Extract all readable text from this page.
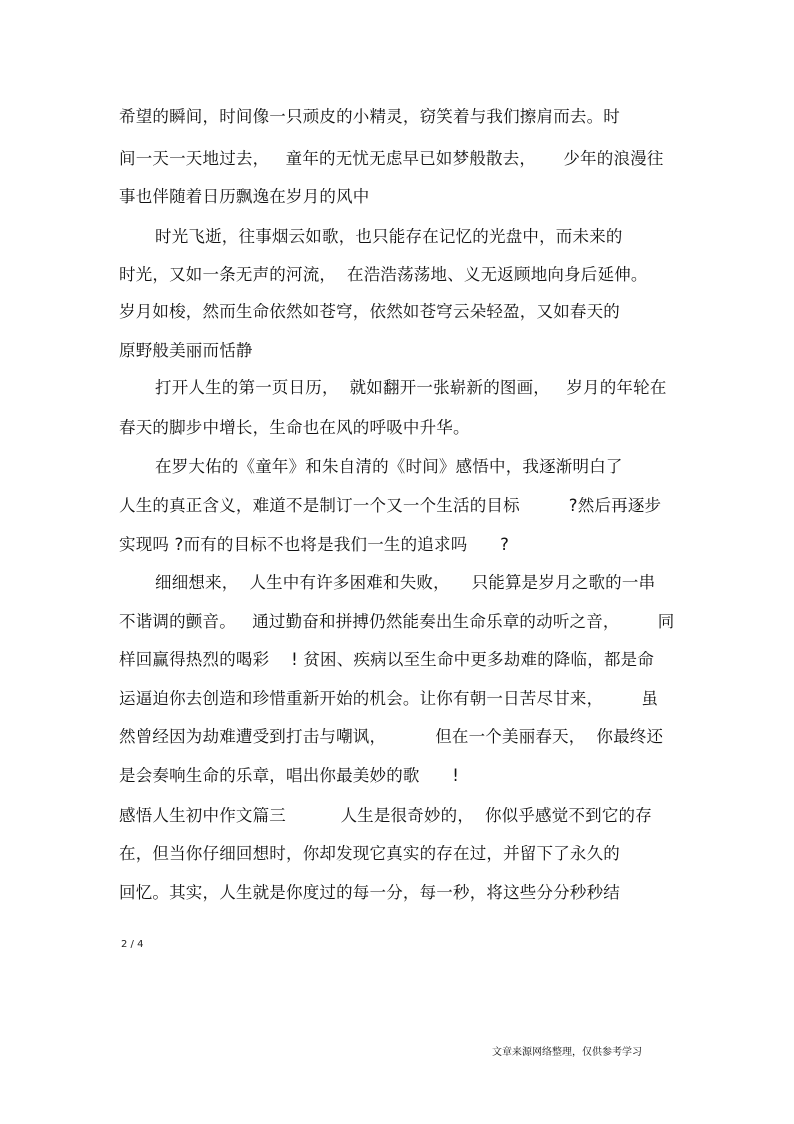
希望的瞬间，时间像一只顽皮的小精灵，窃笑着与我们擦肩而去。时
间一天一天地过去，   童年的无忧无虑早已如梦般散去，     少年的浪漫往
事也伴随着日历飘逸在岁月的风中
时光飞逝，往事烟云如歌，也只能存在记忆的光盘中，而未来的
时光，又如一条无声的河流，  在浩浩荡荡地、义无返顾地向身后延伸。
岁月如梭，然而生命依然如苍穹，依然如苍穹云朵轻盈，又如春天的
原野般美丽而恬静
打开人生的第一页日历，  就如翻开一张崭新的图画，   岁月的年轮在
春天的脚步中增长，生命也在风的呼吸中升华。
在罗大佑的《童年》和朱自清的《时间》感悟中，我逐渐明白了
人生的真正含义，难道不是制订一个又一个生活的目标         ?然后再逐步
实现吗 ?而有的目标不也将是我们一生的追求吗      ?
细细想来，  人生中有许多困难和失败，    只能算是岁月之歌的一串
不谐调的颤音。   通过勤奋和拼搏仍然能奏出生命乐章的动听之音，       同
样回赢得热烈的喝彩    ! 贫困、疾病以至生命中更多劫难的降临，都是命
运逼迫你去创造和珍惜重新开始的机会。让你有朝一日苦尽甘来，       虽
然曾经因为劫难遭受到打击与嘲讽，         但在一个美丽春天，  你最终还
是会奏响生命的乐章，唱出你最美妙的歌      !
感悟人生初中作文篇三          人生是很奇妙的，  你似乎感觉不到它的存
在，但当你仔细回想时，你却发现它真实的存在过，并留下了永久的
回忆。其实，人生就是你度过的每一分，每一秒，将这些分分秒秒结
2 / 4
文章来源网络整理，仅供参考学习
